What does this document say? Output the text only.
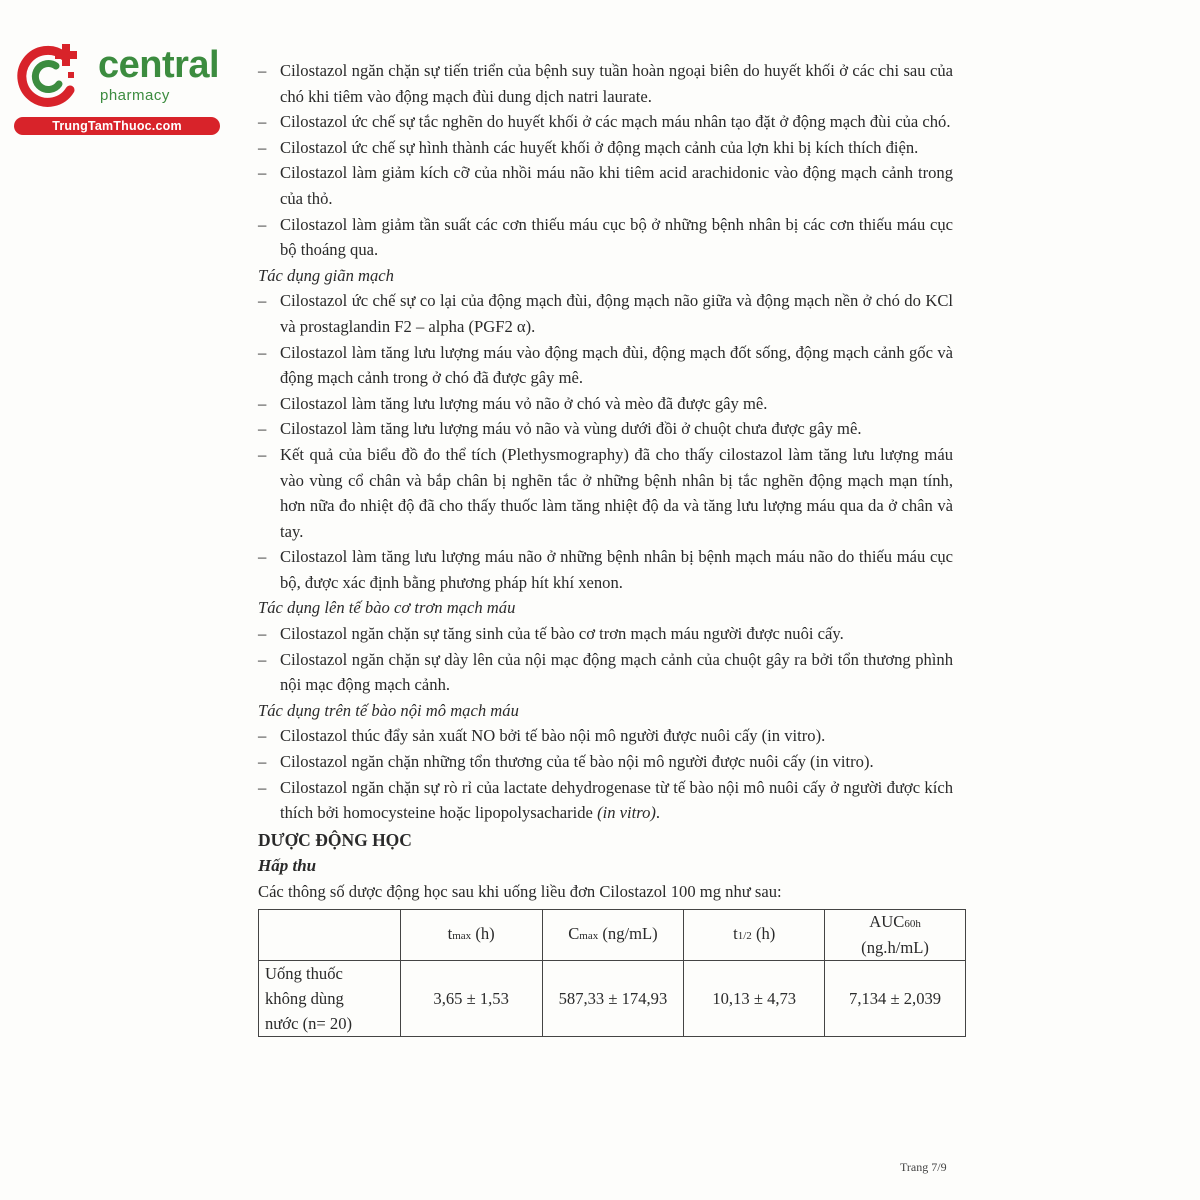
central
pharmacy
TrungTamThuoc.com
– Cilostazol ngăn chặn sự tiến triển của bệnh suy tuần hoàn ngoại biên do huyết khối ở các chi sau của chó khi tiêm vào động mạch đùi dung dịch natri laurate.
– Cilostazol ức chế sự tắc nghẽn do huyết khối ở các mạch máu nhân tạo đặt ở động mạch đùi của chó.
– Cilostazol ức chế sự hình thành các huyết khối ở động mạch cảnh của lợn khi bị kích thích điện.
– Cilostazol làm giảm kích cỡ của nhồi máu não khi tiêm acid arachidonic vào động mạch cảnh trong của thỏ.
– Cilostazol làm giảm tần suất các cơn thiếu máu cục bộ ở những bệnh nhân bị các cơn thiếu máu cục bộ thoáng qua.
Tác dụng giãn mạch
– Cilostazol ức chế sự co lại của động mạch đùi, động mạch não giữa và động mạch nền ở chó do KCl và prostaglandin F2 – alpha (PGF2 α).
– Cilostazol làm tăng lưu lượng máu vào động mạch đùi, động mạch đốt sống, động mạch cảnh gốc và động mạch cảnh trong ở chó đã được gây mê.
– Cilostazol làm tăng lưu lượng máu vỏ não ở chó và mèo đã được gây mê.
– Cilostazol làm tăng lưu lượng máu vỏ não và vùng dưới đồi ở chuột chưa được gây mê.
– Kết quả của biểu đồ đo thể tích (Plethysmography) đã cho thấy cilostazol làm tăng lưu lượng máu vào vùng cổ chân và bắp chân bị nghẽn tắc ở những bệnh nhân bị tắc nghẽn động mạch mạn tính, hơn nữa đo nhiệt độ đã cho thấy thuốc làm tăng nhiệt độ da và tăng lưu lượng máu qua da ở chân và tay.
– Cilostazol làm tăng lưu lượng máu não ở những bệnh nhân bị bệnh mạch máu não do thiếu máu cục bộ, được xác định bằng phương pháp hít khí xenon.
Tác dụng lên tế bào cơ trơn mạch máu
– Cilostazol ngăn chặn sự tăng sinh của tế bào cơ trơn mạch máu người được nuôi cấy.
– Cilostazol ngăn chặn sự dày lên của nội mạc động mạch cảnh của chuột gây ra bởi tổn thương phình nội mạc động mạch cảnh.
Tác dụng trên tế bào nội mô mạch máu
– Cilostazol thúc đẩy sản xuất NO bởi tế bào nội mô người được nuôi cấy (in vitro).
– Cilostazol ngăn chặn những tổn thương của tế bào nội mô người được nuôi cấy (in vitro).
– Cilostazol ngăn chặn sự rò rỉ của lactate dehydrogenase từ tế bào nội mô nuôi cấy ở người được kích thích bởi homocysteine hoặc lipopolysacharide (in vitro).
DƯỢC ĐỘNG HỌC
Hấp thu
Các thông số dược động học sau khi uống liều đơn Cilostazol 100 mg như sau:
	tmax (h)	Cmax (ng/mL)	t1/2 (h)	AUC60h
(ng.h/mL)
Uống thuốc
không dùng
nước (n= 20)	3,65 ± 1,53	587,33 ± 174,93	10,13 ± 4,73	7,134 ± 2,039
Trang 7/9
